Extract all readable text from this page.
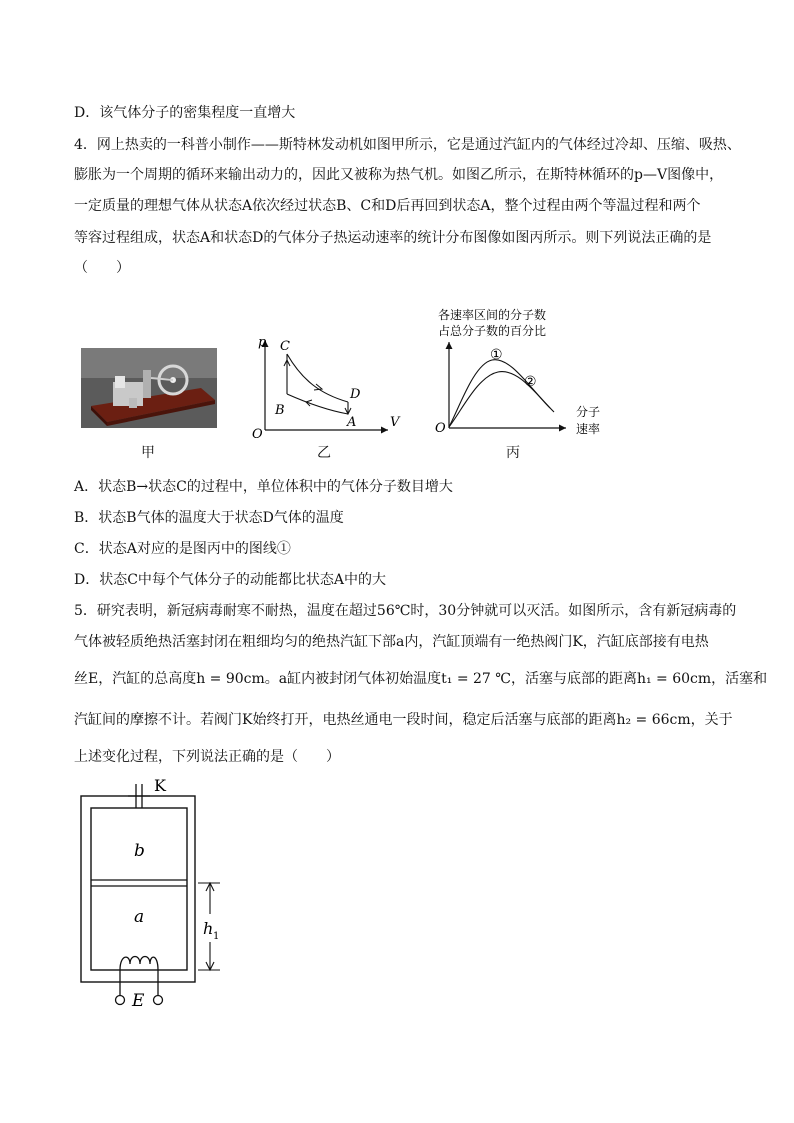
D．该气体分子的密集程度一直增大
4．网上热卖的一科普小制作——斯特林发动机如图甲所示，它是通过汽缸内的气体经过冷却、压缩、吸热、
膨胀为一个周期的循环来输出动力的，因此又被称为热气机。如图乙所示，在斯特林循环的p—V图像中，
一定质量的理想气体从状态A依次经过状态B、C和D后再回到状态A，整个过程由两个等温过程和两个
等容过程组成，状态A和状态D的气体分子热运动速率的统计分布图像如图丙所示。则下列说法正确的是
（　　）
甲
p
V
O
C
B
D
A
乙
各速率区间的分子数
占总分子数的百分比
①
②
分子
速率
O
丙
A．状态B→状态C的过程中，单位体积中的气体分子数目增大
B．状态B气体的温度大于状态D气体的温度
C．状态A对应的是图丙中的图线①
D．状态C中每个气体分子的动能都比状态A中的大
5．研究表明，新冠病毒耐寒不耐热，温度在超过56℃时，30分钟就可以灭活。如图所示，含有新冠病毒的
气体被轻质绝热活塞封闭在粗细均匀的绝热汽缸下部a内，汽缸顶端有一绝热阀门K，汽缸底部接有电热
丝E，汽缸的总高度h = 90cm。a缸内被封闭气体初始温度t₁ = 27 ℃，活塞与底部的距离h₁ = 60cm，活塞和
汽缸间的摩擦不计。若阀门K始终打开，电热丝通电一段时间，稳定后活塞与底部的距离h₂ = 66cm，关于
上述变化过程，下列说法正确的是（　　）
K
b
a
E
h 1
